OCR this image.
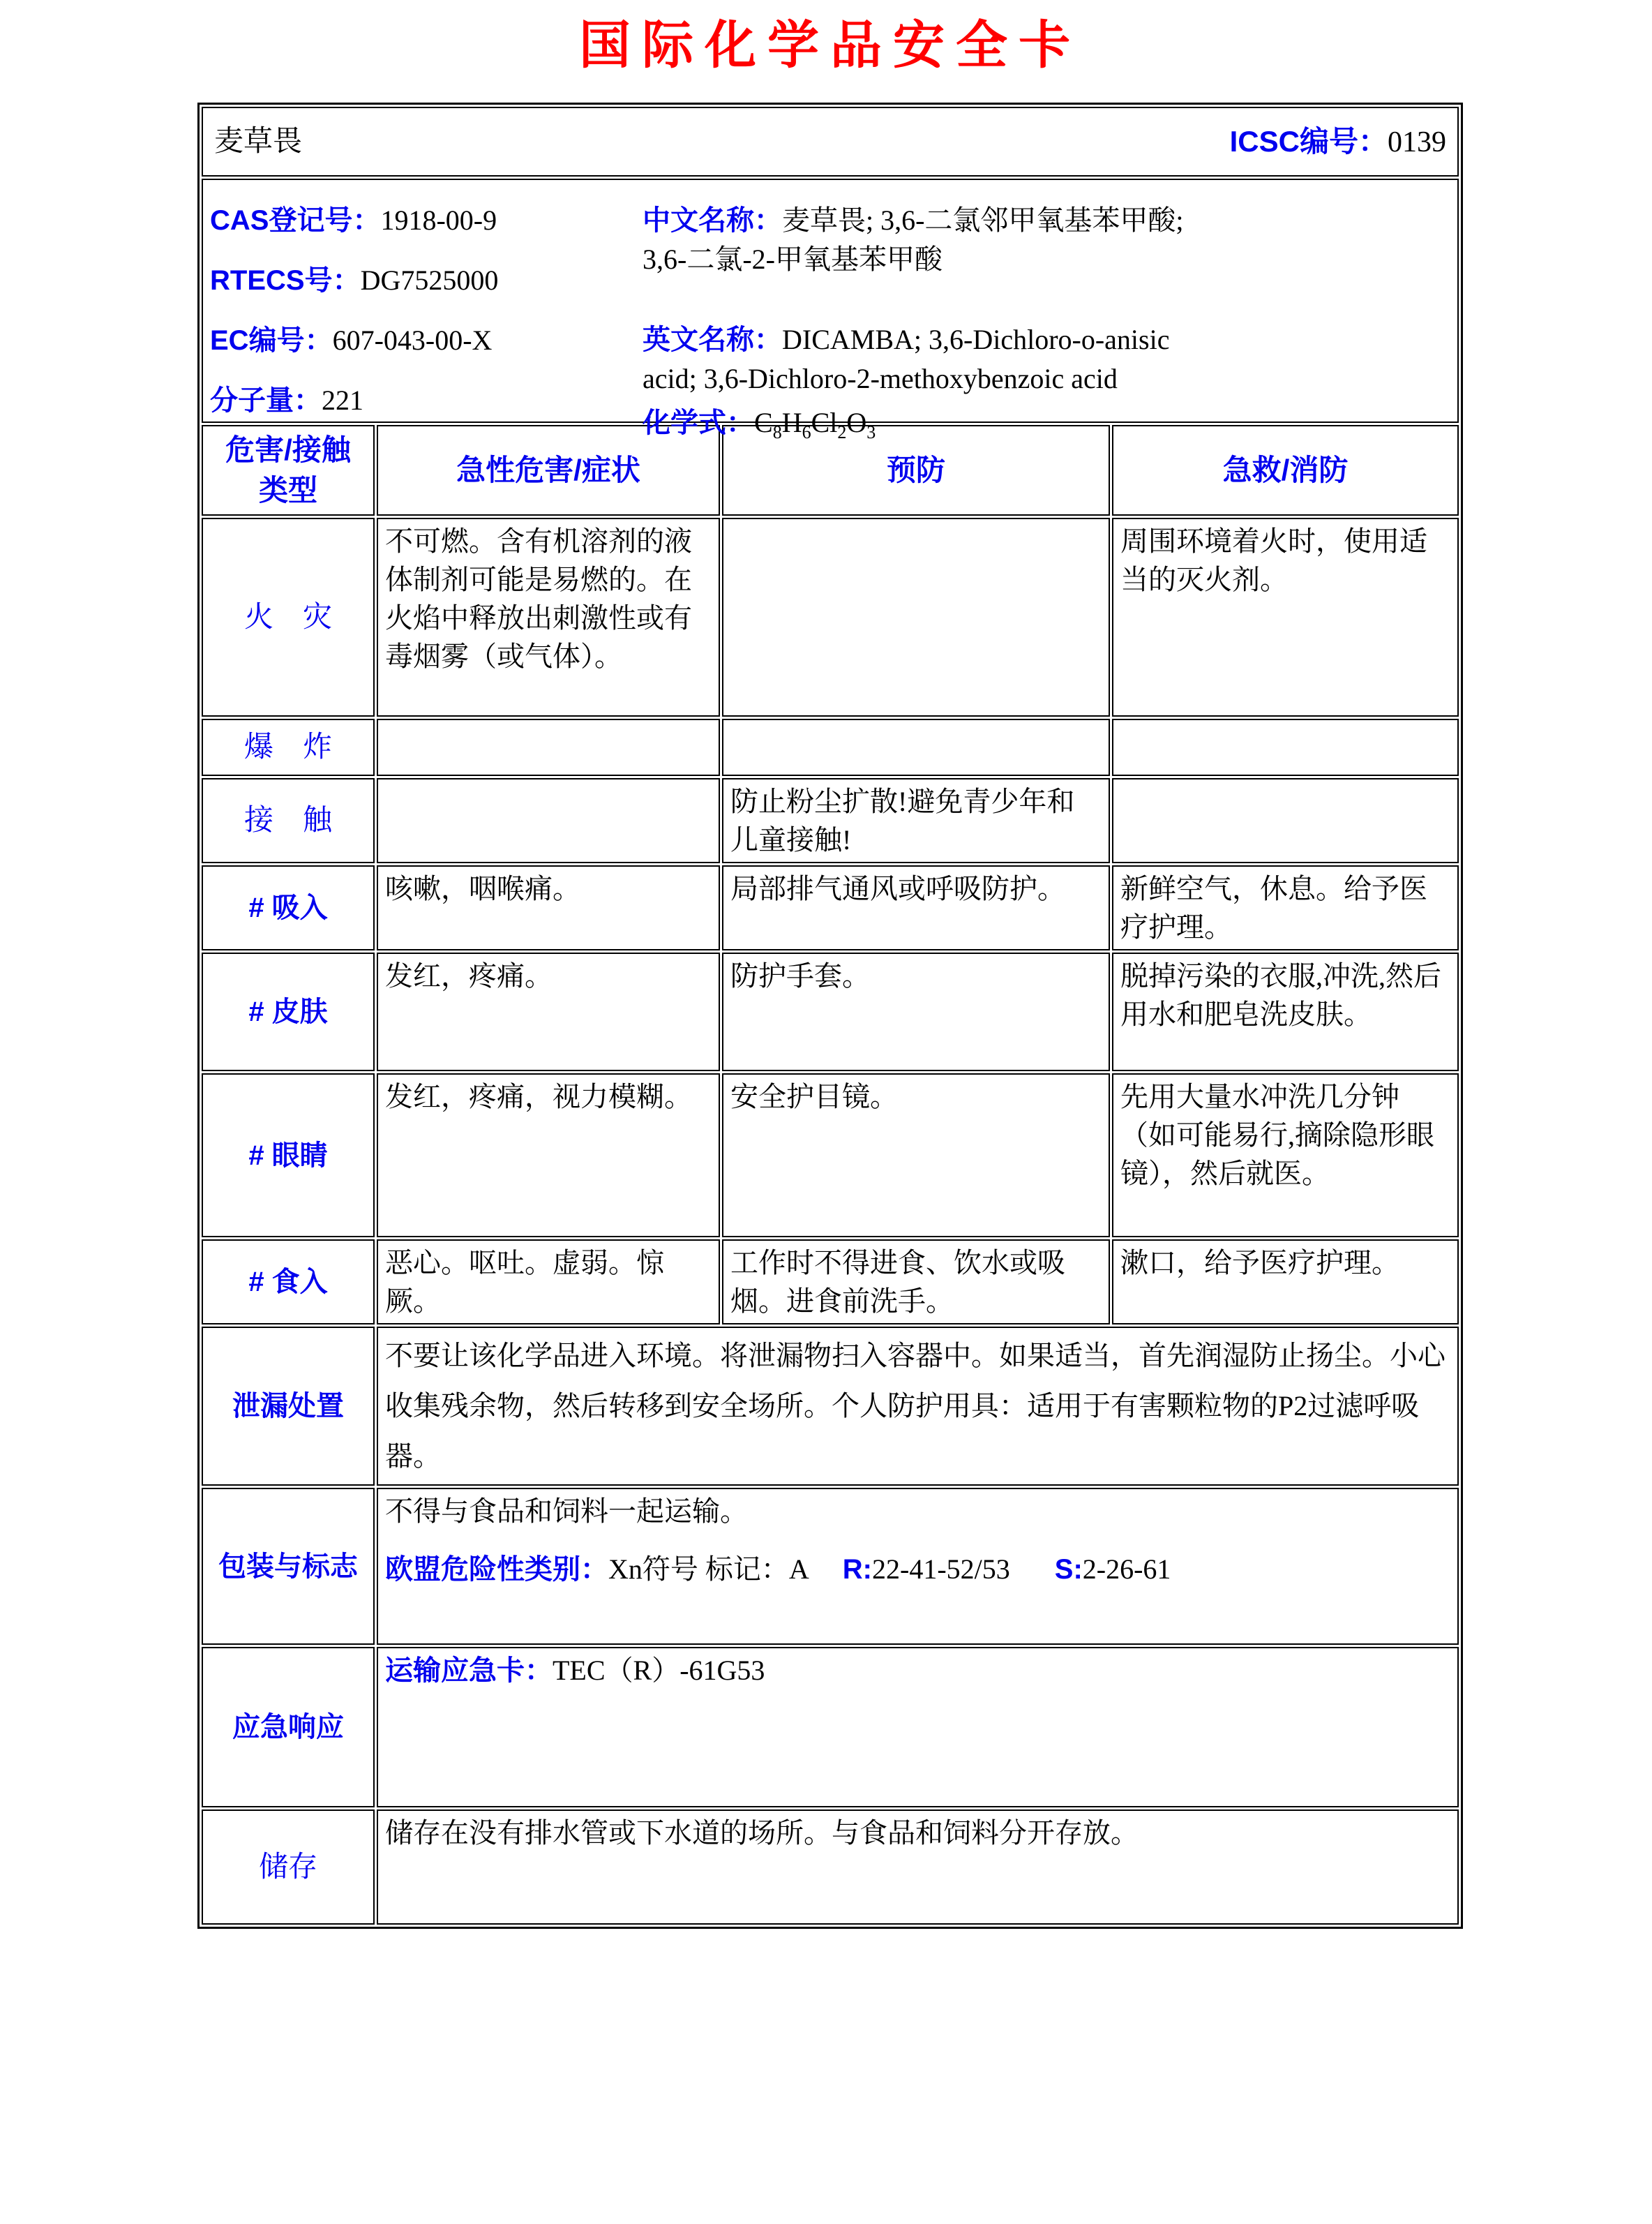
国际化学品安全卡
麦草畏 ICSC编号：0139			

CAS登记号：1918-00-9
RTECS号：DG7525000
EC编号：607-043-00-X
分子量：221
中文名称：麦草畏; 3,6-二氯邻甲氧基苯甲酸;
3,6-二氯-2-甲氧基苯甲酸
英文名称：DICAMBA; 3,6-Dichloro-o-anisic
acid; 3,6-Dichloro-2-methoxybenzoic acid
化学式：$C_8H_6Cl_2O_3$

危害/接触
类型	急性危害/症状	预防	急救/消防
火　灾	不可燃。含有机溶剂的液体制剂可能是易燃的。在火焰中释放出刺激性或有毒烟雾（或气体）。		周围环境着火时，使用适当的灭火剂。
爆　炸			
接　触		防止粉尘扩散!避免青少年和儿童接触!	
# 吸入	咳嗽，咽喉痛。	局部排气通风或呼吸防护。	新鲜空气，休息。给予医疗护理。
# 皮肤	发红，疼痛。	防护手套。	脱掉污染的衣服,冲洗,然后用水和肥皂洗皮肤。
# 眼睛	发红，疼痛，视力模糊。	安全护目镜。	先用大量水冲洗几分钟（如可能易行,摘除隐形眼镜），然后就医。
# 食入	恶心。呕吐。虚弱。惊厥。	工作时不得进食、饮水或吸烟。进食前洗手。	漱口，给予医疗护理。
泄漏处置	不要让该化学品进入环境。将泄漏物扫入容器中。如果适当，首先润湿防止扬尘。小心收集残余物，然后转移到安全场所。个人防护用具：适用于有害颗粒物的P2过滤呼吸器。		
包装与标志	不得与食品和饲料一起运输。
欧盟危险性类别：Xn符号 标记：A R:22-41-52/53 S:2-26-61		

应急响应	运输应急卡：TEC（R）-61G53		
储存	储存在没有排水管或下水道的场所。与食品和饲料分开存放。		
